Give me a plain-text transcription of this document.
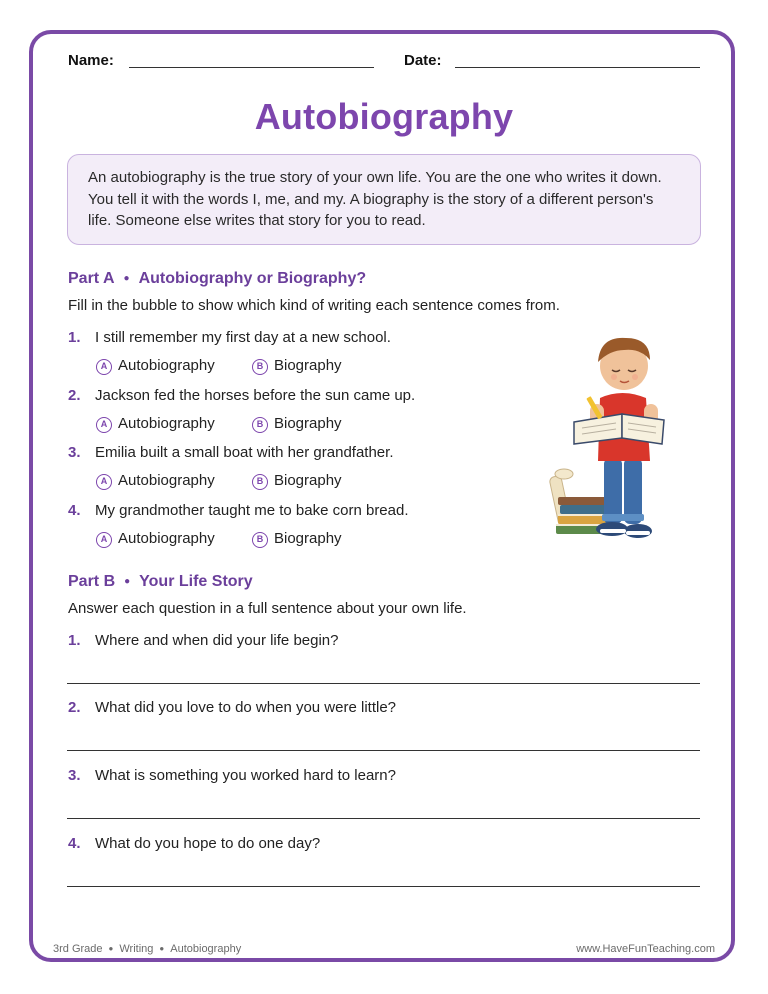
Name:	Date:
Autobiography
An autobiography is the true story of your own life. You are the one who writes it down. You tell it with the words I, me, and my. A biography is the story of a different person's life. Someone else writes that story for you to read.
Part A ● Autobiography or Biography?
Fill in the bubble to show which kind of writing each sentence comes from.
1. I still remember my first day at a new school.
A Autobiography	B Biography
2. Jackson fed the horses before the sun came up.
A Autobiography	B Biography
3. Emilia built a small boat with her grandfather.
A Autobiography	B Biography
4. My grandmother taught me to bake corn bread.
A Autobiography	B Biography
Part B ● Your Life Story
Answer each question in a full sentence about your own life.
1. Where and when did your life begin?
2. What did you love to do when you were little?
3. What is something you worked hard to learn?
4. What do you hope to do one day?
3rd Grade ● Writing ● Autobiography	www.HaveFunTeaching.com
